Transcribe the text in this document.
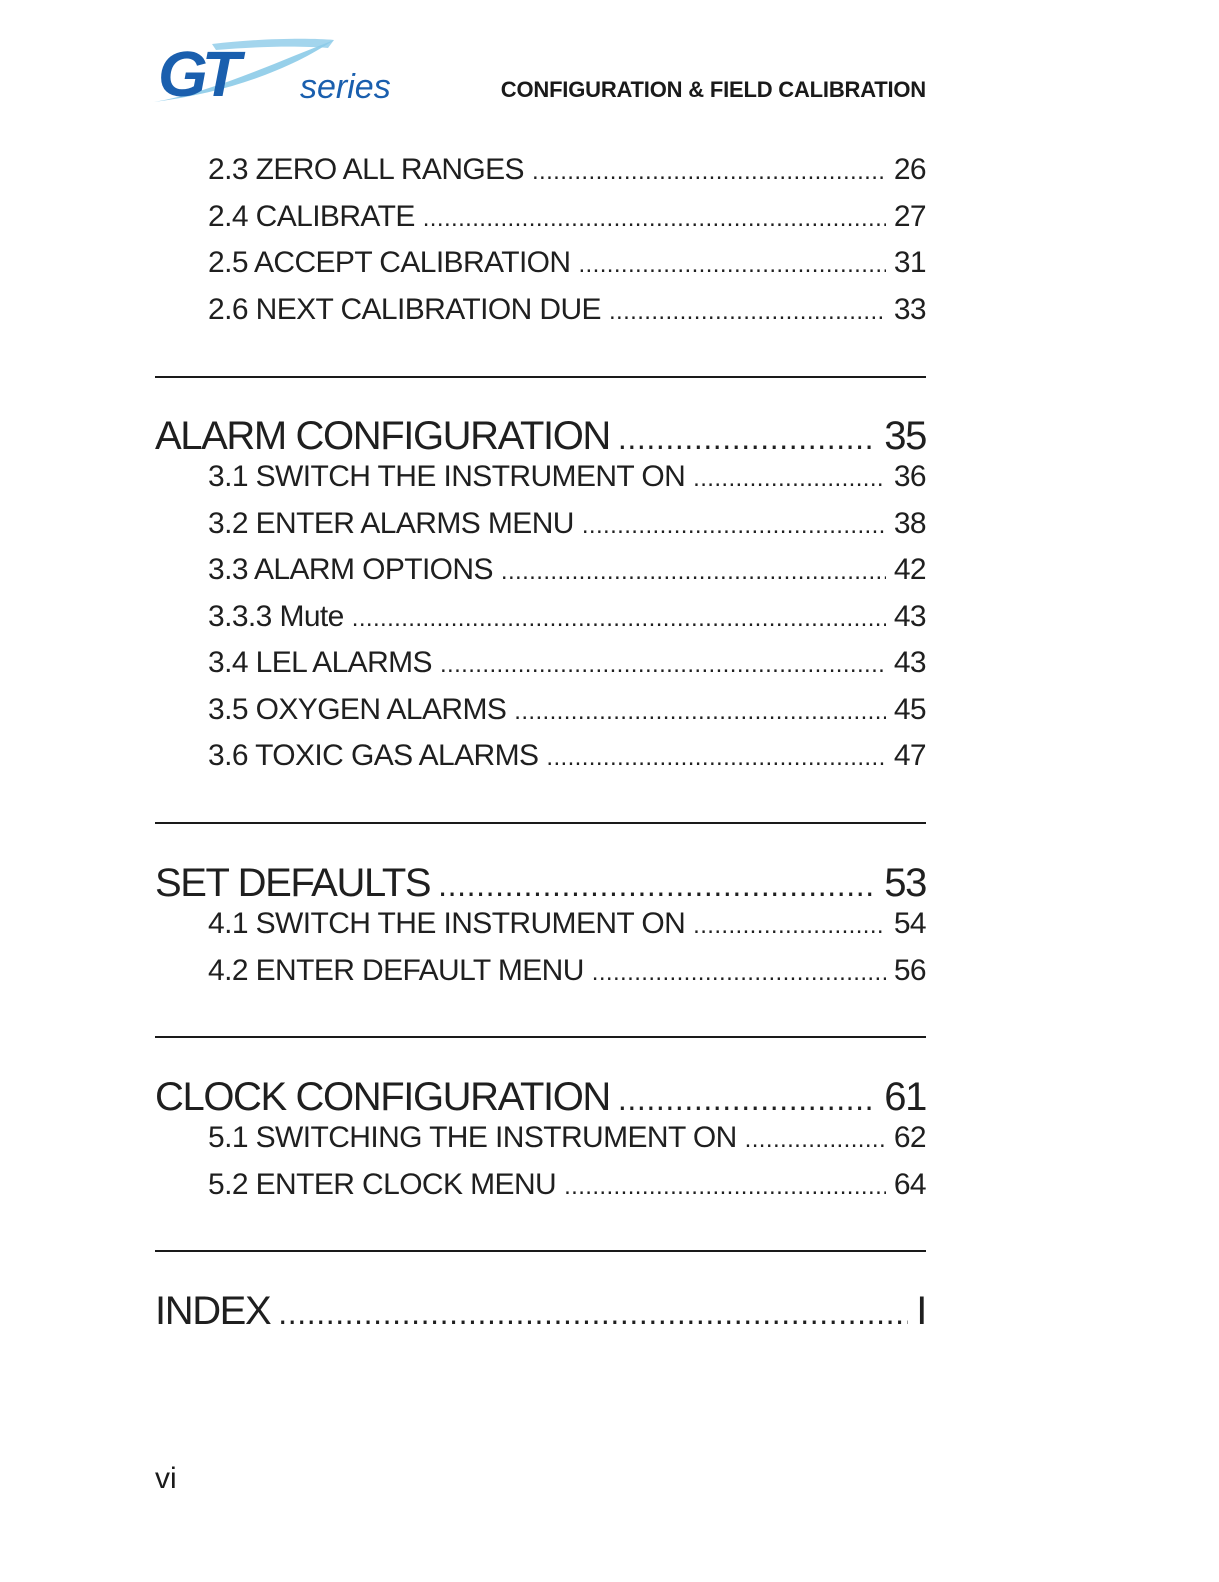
GT	series	CONFIGURATION & FIELD CALIBRATION
2.3 ZERO ALL RANGES .....	26
2.4 CALIBRATE .....	27
2.5 ACCEPT CALIBRATION .....	31
2.6 NEXT CALIBRATION DUE .....	33
ALARM CONFIGURATION .....	35
3.1 SWITCH THE INSTRUMENT ON .....	36
3.2 ENTER ALARMS MENU .....	38
3.3 ALARM OPTIONS .....	42
3.3.3 Mute .....	43
3.4 LEL ALARMS .....	43
3.5 OXYGEN ALARMS .....	45
3.6 TOXIC GAS ALARMS .....	47
SET DEFAULTS .....	53
4.1 SWITCH THE INSTRUMENT ON .....	54
4.2 ENTER DEFAULT MENU .....	56
CLOCK CONFIGURATION .....	61
5.1 SWITCHING THE INSTRUMENT ON .....	62
5.2 ENTER CLOCK MENU .....	64
INDEX .....	I
vi
